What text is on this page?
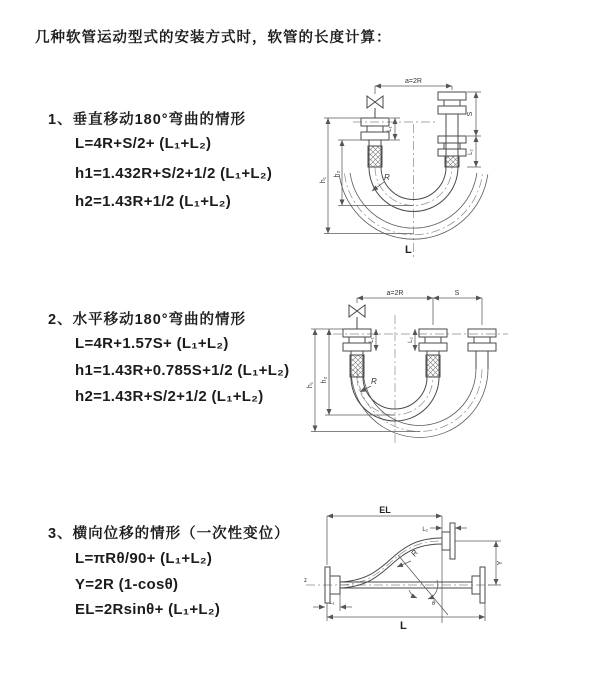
几种软管运动型式的安装方式时，软管的长度计算：
1、垂直移动180°弯曲的情形
L=4R+S/2+ (L₁+L₂)
h1=1.432R+S/2+1/2 (L₁+L₂)
h2=1.43R+1/2 (L₁+L₂)
a=2R
L₁
S
L₂
h₁
h₂	R
L
2、水平移动180°弯曲的情形
L=4R+1.57S+ (L₁+L₂)
h1=1.43R+0.785S+1/2 (L₁+L₂)
h2=1.43R+S/2+1/2 (L₁+L₂)
a=2R	S
L₁	L₂
h₁
h₂	R
3、横向位移的情形（一次性变位）
L=πRθ/90+ (L₁+L₂)
Y=2R (1-cosθ)
EL=2Rsinθ+ (L₁+L₂)
z
EL
L₂
Y
L
L₁	θ
R
